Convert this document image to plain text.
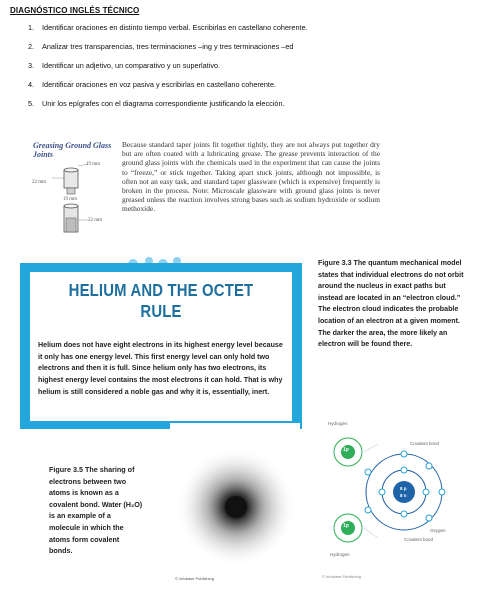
DIAGNÓSTICO INGLÉS TÉCNICO
1. Identificar oraciones en distinto tiempo verbal. Escribirlas en castellano coherente.
2. Analizar tres transparencias, tres terminaciones –ing y tres terminaciones –ed
3. Identificar un adjetivo, un comparativo y un superlativo.
4. Identificar oraciones en voz pasiva y escribirlas en castellano coherente.
5. Unir los epígrafes con el diagrama correspondiente justificando la elección.
Greasing Ground Glass Joints
Because standard taper joints fit together tightly, they are not always put together dry but are often coated with a lubricating grease. The grease prevents interaction of the ground glass joints with the chemicals used in the experiment that can cause the joints to “freeze,” or stick together. Taking apart stuck joints, although not impossible, is often not an easy task, and standard taper glassware (which is expensive) frequently is broken in the process. Note: Microscale glassware with ground glass joints is never greased unless the reaction involves strong bases such as sodium hydroxide or sodium methoxide.
19 mm
22 mm
19 mm
22 mm
HELIUM AND THE OCTET RULE
Helium does not have eight electrons in its highest energy level because it only has one energy level. This first energy level can only hold two electrons and then it is full. Since helium only has two electrons, its highest energy level contains the most electrons it can hold. That is why helium is still considered a noble gas and why it is, essentially, inert.
Figure 3.3 The quantum mechanical model states that individual electrons do not orbit around the nucleus in exact paths but instead are located in an “electron cloud.” The electron cloud indicates the probable location of an electron at a given moment. The darker the area, the more likely an electron will be found there.
Figure 3.5 The sharing of electrons between two atoms is known as a covalent bond. Water (H₂O) is an example of a molecule in which the atoms form covalent bonds.
© Infobase Publishing
Hydrogen
Covalent bond
1p
8 p
8 n
1p
Oxygen
Covalent bond
Hydrogen
© Infobase Publishing
